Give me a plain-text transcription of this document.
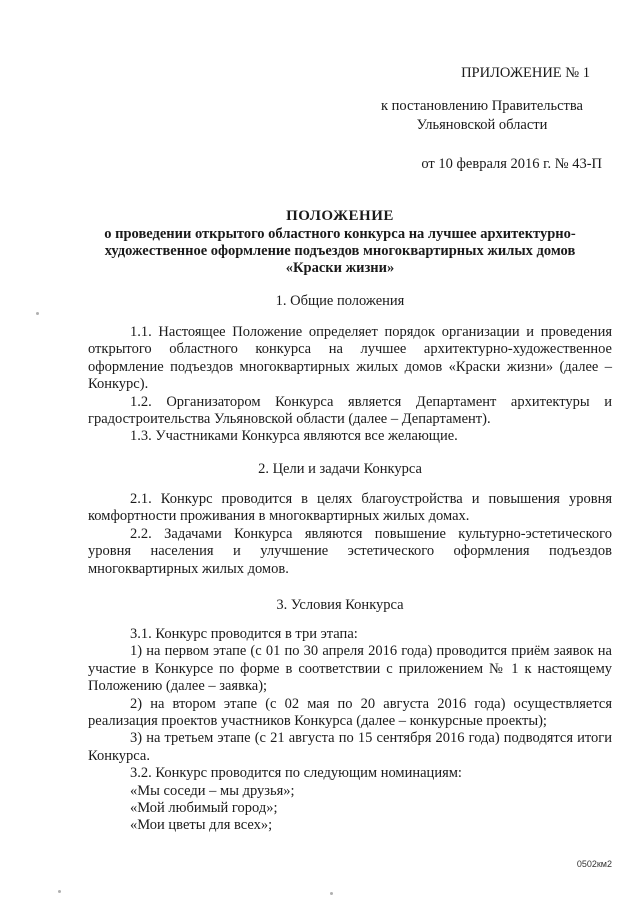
ПРИЛОЖЕНИЕ № 1
к постановлению Правительства
Ульяновской области
от 10 февраля 2016 г. № 43-П
ПОЛОЖЕНИЕ
о проведении открытого областного конкурса на лучшее архитектурно-
художественное оформление подъездов многоквартирных жилых домов
«Краски жизни»
1. Общие положения

1.1. Настоящее Положение определяет порядок организации и проведения открытого областного конкурса на лучшее архитектурно-художественное оформление подъездов многоквартирных жилых домов «Краски жизни» (далее – Конкурс).

1.2. Организатором Конкурса является Департамент архитектуры и градостроительства Ульяновской области (далее – Департамент).

1.3. Участниками Конкурса являются все желающие.

2. Цели и задачи Конкурса

2.1. Конкурс проводится в целях благоустройства и повышения уровня комфортности проживания в многоквартирных жилых домах.

2.2. Задачами Конкурса являются повышение культурно-эстетического уровня населения и улучшение эстетического оформления подъездов многоквартирных жилых домов.

3. Условия Конкурса

3.1. Конкурс проводится в три этапа:

1) на первом этапе (с 01 по 30 апреля 2016 года) проводится приём заявок на участие в Конкурсе по форме в соответствии с приложением № 1 к настоящему Положению (далее – заявка);

2) на втором этапе (с 02 мая по 20 августа 2016 года) осуществляется реализация проектов участников Конкурса (далее – конкурсные проекты);

3) на третьем этапе (с 21 августа по 15 сентября 2016 года) подводятся итоги Конкурса.

3.2. Конкурс проводится по следующим номинациям:

«Мы соседи – мы друзья»;

«Мой любимый город»;

«Мои цветы для всех»;

0502км2
